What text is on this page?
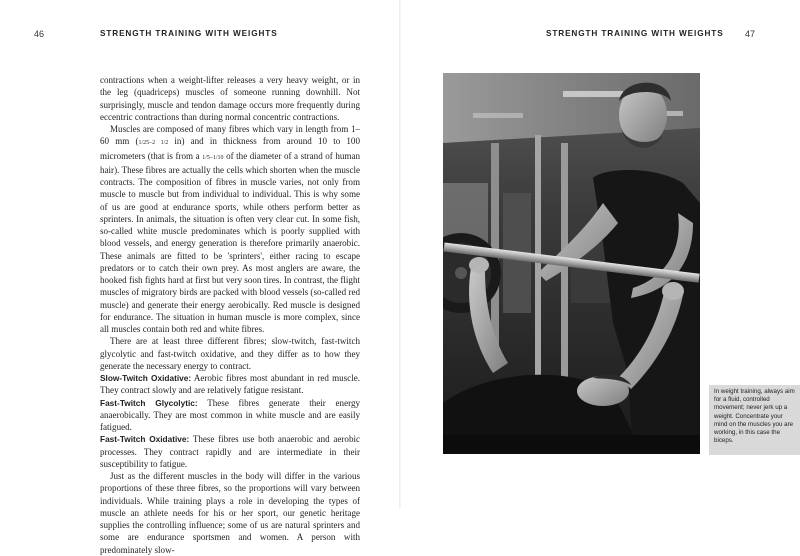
46	STRENGTH TRAINING WITH WEIGHTS	STRENGTH TRAINING WITH WEIGHTS 47

contractions when a weight-lifter releases a very heavy weight, or in the leg (quadriceps) muscles of someone running downhill. Not surprisingly, muscle and tendon damage occurs more frequently during eccentric contractions than during normal concentric contractions.

Muscles are composed of many fibres which vary in length from 1–60 mm (1/25–2 1/2 in) and in thickness from around 10 to 100 micrometers (that is from a 1/5–1/10 of the diameter of a strand of human hair). These fibres are actually the cells which shorten when the muscle contracts. The composition of fibres in muscle varies, not only from muscle to muscle but from individual to individual. This is why some of us are good at endurance sports, while others perform better as sprinters. In animals, the situation is often very clear cut. In some fish, so-called white muscle predominates which is poorly supplied with blood vessels, and energy generation is therefore primarily anaerobic. These animals are fitted to be 'sprinters', either racing to escape predators or to catch their own prey. As most anglers are aware, the hooked fish fights hard at first but very soon tires. In contrast, the flight muscles of migratory birds are packed with blood vessels (so-called red muscle) and generate their energy aerobically. Red muscle is designed for endurance. The situation in human muscle is more complex, since all muscles contain both red and white fibres.

There are at least three different fibres; slow-twitch, fast-twitch glycolytic and fast-twitch oxidative, and they differ as to how they generate the necessary energy to contract.

Slow-Twitch Oxidative: Aerobic fibres most abundant in red muscle. They contract slowly and are relatively fatigue resistant.

Fast-Twitch Glycolytic: These fibres generate their energy anaerobically. They are most common in white muscle and are easily fatigued.

Fast-Twitch Oxidative: These fibres use both anaerobic and aerobic processes. They contract rapidly and are intermediate in their susceptibility to fatigue.

Just as the different muscles in the body will differ in the various proportions of these three fibres, so the proportions will vary between individuals. While training plays a role in developing the types of muscle an athlete needs for his or her sport, our genetic heritage supplies the controlling influence; some of us are natural sprinters and some are endurance sportsmen and women. A person with predominately slow-

In weight training, always aim for a fluid, controlled movement; never jerk up a weight. Concentrate your mind on the muscles you are working, in this case the biceps.
